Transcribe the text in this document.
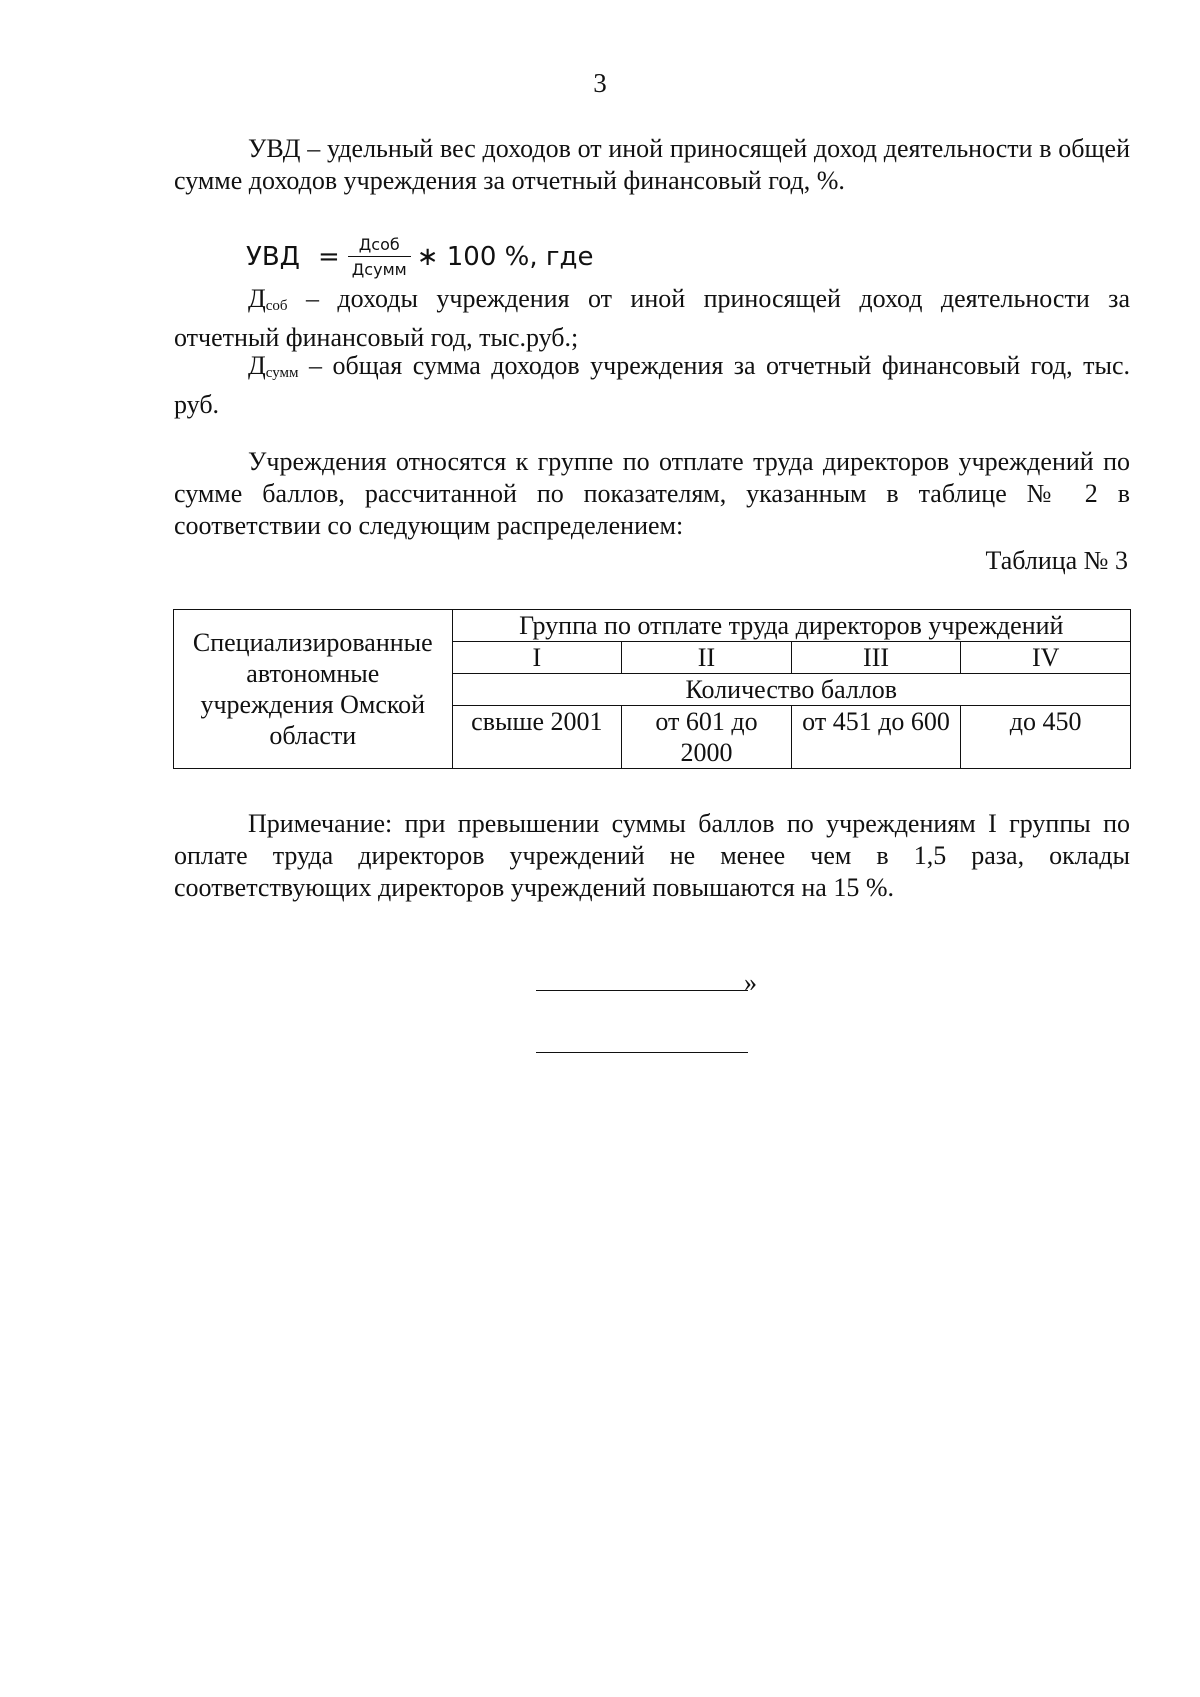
3

УВД – удельный вес доходов от иной приносящей доход деятельности в общей сумме доходов учреждения за отчетный финансовый год, %.

УВД = $\frac{\text{Дсоб}}{\text{Дсумм}}$ ∗ 100 %, где
$Д_{соб}$ – доходы учреждения от иной приносящей доход деятельности за отчетный финансовый год, тыс.руб.;
$Д_{сумм}$ – общая сумма доходов учреждения за отчетный финансовый год, тыс. руб.

Учреждения относятся к группе по отплате труда директоров учреждений по сумме баллов, рассчитанной по показателям, указанным в таблице № 2 в соответствии со следующим распределением:

Таблица № 3
Специализированные автономные учреждения Омской области	Группа по отплате труда директоров учреждений			
	I	II	III	IV
	Количество баллов			
	свыше 2001	от 601 до 2000	от 451 до 600	до 450

Примечание: при превышении суммы баллов по учреждениям I группы по оплате труда директоров учреждений не менее чем в 1,5 раза, оклады соответствующих директоров учреждений повышаются на 15 %.

»
